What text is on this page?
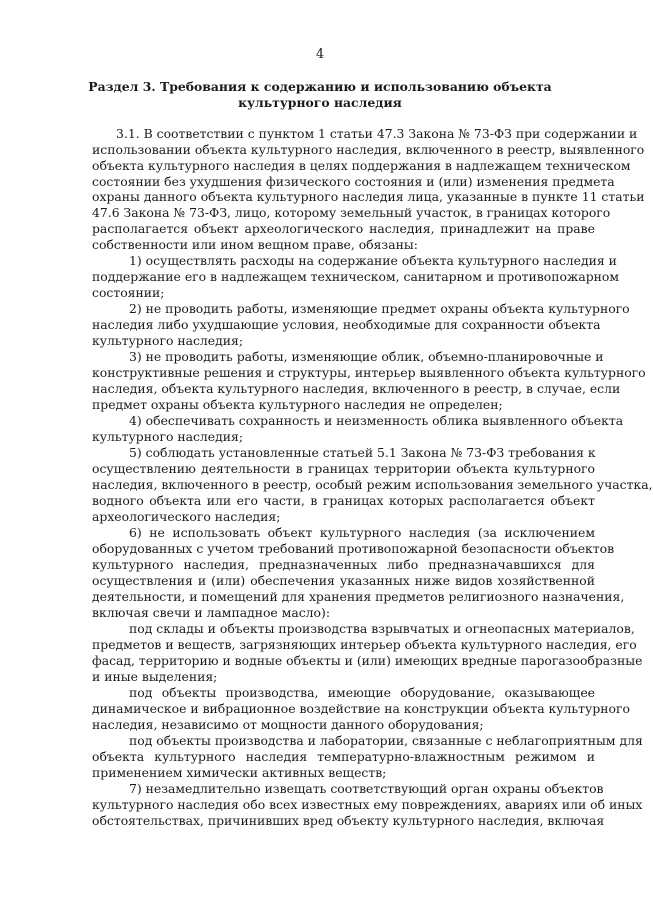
4
Раздел 3. Требования к содержанию и использованию объекта
культурного наследия
3.1. В соответствии с пунктом 1 статьи 47.3 Закона № 73-ФЗ при содержании и
использовании объекта культурного наследия, включенного в реестр, выявленного
объекта культурного наследия в целях поддержания в надлежащем техническом
состоянии без ухудшения физического состояния и (или) изменения предмета
охраны данного объекта культурного наследия лица, указанные в пункте 11 статьи
47.6 Закона № 73-ФЗ, лицо, которому земельный участок, в границах которого
располагается объект археологического наследия, принадлежит на праве
собственности или ином вещном праве, обязаны:
1) осуществлять расходы на содержание объекта культурного наследия и
поддержание его в надлежащем техническом, санитарном и противопожарном
состоянии;
2) не проводить работы, изменяющие предмет охраны объекта культурного
наследия либо ухудшающие условия, необходимые для сохранности объекта
культурного наследия;
3) не проводить работы, изменяющие облик, объемно-планировочные и
конструктивные решения и структуры, интерьер выявленного объекта культурного
наследия, объекта культурного наследия, включенного в реестр, в случае, если
предмет охраны объекта культурного наследия не определен;
4) обеспечивать сохранность и неизменность облика выявленного объекта
культурного наследия;
5) соблюдать установленные статьей 5.1 Закона № 73-ФЗ требования к
осуществлению деятельности в границах территории объекта культурного
наследия, включенного в реестр, особый режим использования земельного участка,
водного объекта или его части, в границах которых располагается объект
археологического наследия;
6) не использовать объект культурного наследия (за исключением
оборудованных с учетом требований противопожарной безопасности объектов
культурного наследия, предназначенных либо предназначавшихся для
осуществления и (или) обеспечения указанных ниже видов хозяйственной
деятельности, и помещений для хранения предметов религиозного назначения,
включая свечи и лампадное масло):
под склады и объекты производства взрывчатых и огнеопасных материалов,
предметов и веществ, загрязняющих интерьер объекта культурного наследия, его
фасад, территорию и водные объекты и (или) имеющих вредные парогазообразные
и иные выделения;
под объекты производства, имеющие оборудование, оказывающее
динамическое и вибрационное воздействие на конструкции объекта культурного
наследия, независимо от мощности данного оборудования;
под объекты производства и лаборатории, связанные с неблагоприятным для
объекта культурного наследия температурно-влажностным режимом и
применением химически активных веществ;
7) незамедлительно извещать соответствующий орган охраны объектов
культурного наследия обо всех известных ему повреждениях, авариях или об иных
обстоятельствах, причинивших вред объекту культурного наследия, включая
